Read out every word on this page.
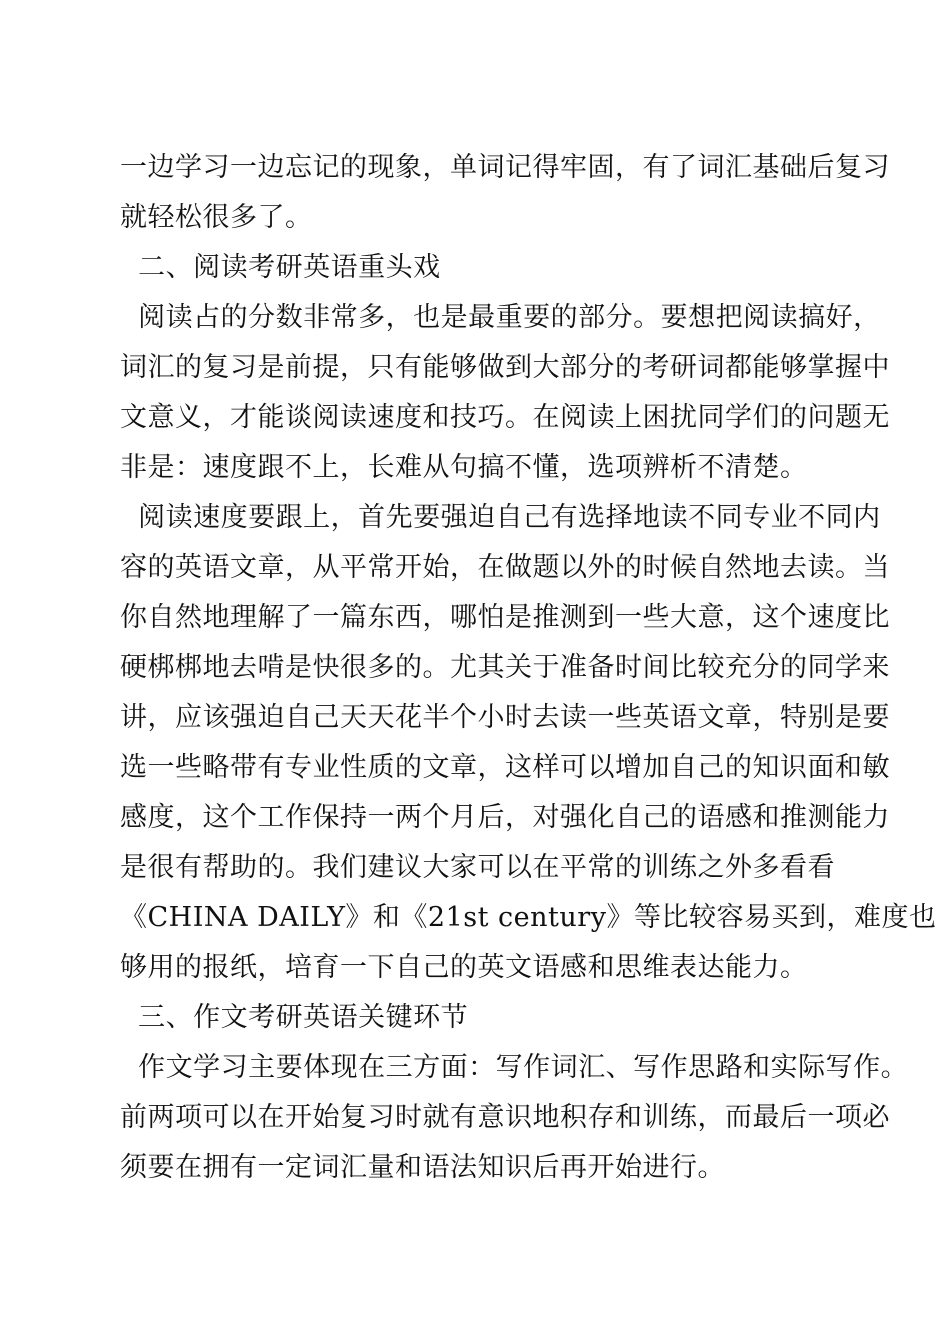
一边学习一边忘记的现象，单词记得牢固，有了词汇基础后复习
就轻松很多了。
二、阅读考研英语重头戏
阅读占的分数非常多，也是最重要的部分。要想把阅读搞好，
词汇的复习是前提，只有能够做到大部分的考研词都能够掌握中
文意义，才能谈阅读速度和技巧。在阅读上困扰同学们的问题无
非是：速度跟不上，长难从句搞不懂，选项辨析不清楚。
阅读速度要跟上，首先要强迫自己有选择地读不同专业不同内
容的英语文章，从平常开始，在做题以外的时候自然地去读。当
你自然地理解了一篇东西，哪怕是推测到一些大意，这个速度比
硬梆梆地去啃是快很多的。尤其关于准备时间比较充分的同学来
讲，应该强迫自己天天花半个小时去读一些英语文章，特别是要
选一些略带有专业性质的文章，这样可以增加自己的知识面和敏
感度，这个工作保持一两个月后，对强化自己的语感和推测能力
是很有帮助的。我们建议大家可以在平常的训练之外多看看
《CHINA DAILY》和《21st century》等比较容易买到，难度也
够用的报纸，培育一下自己的英文语感和思维表达能力。
三、作文考研英语关键环节
作文学习主要体现在三方面：写作词汇、写作思路和实际写作。
前两项可以在开始复习时就有意识地积存和训练，而最后一项必
须要在拥有一定词汇量和语法知识后再开始进行。
